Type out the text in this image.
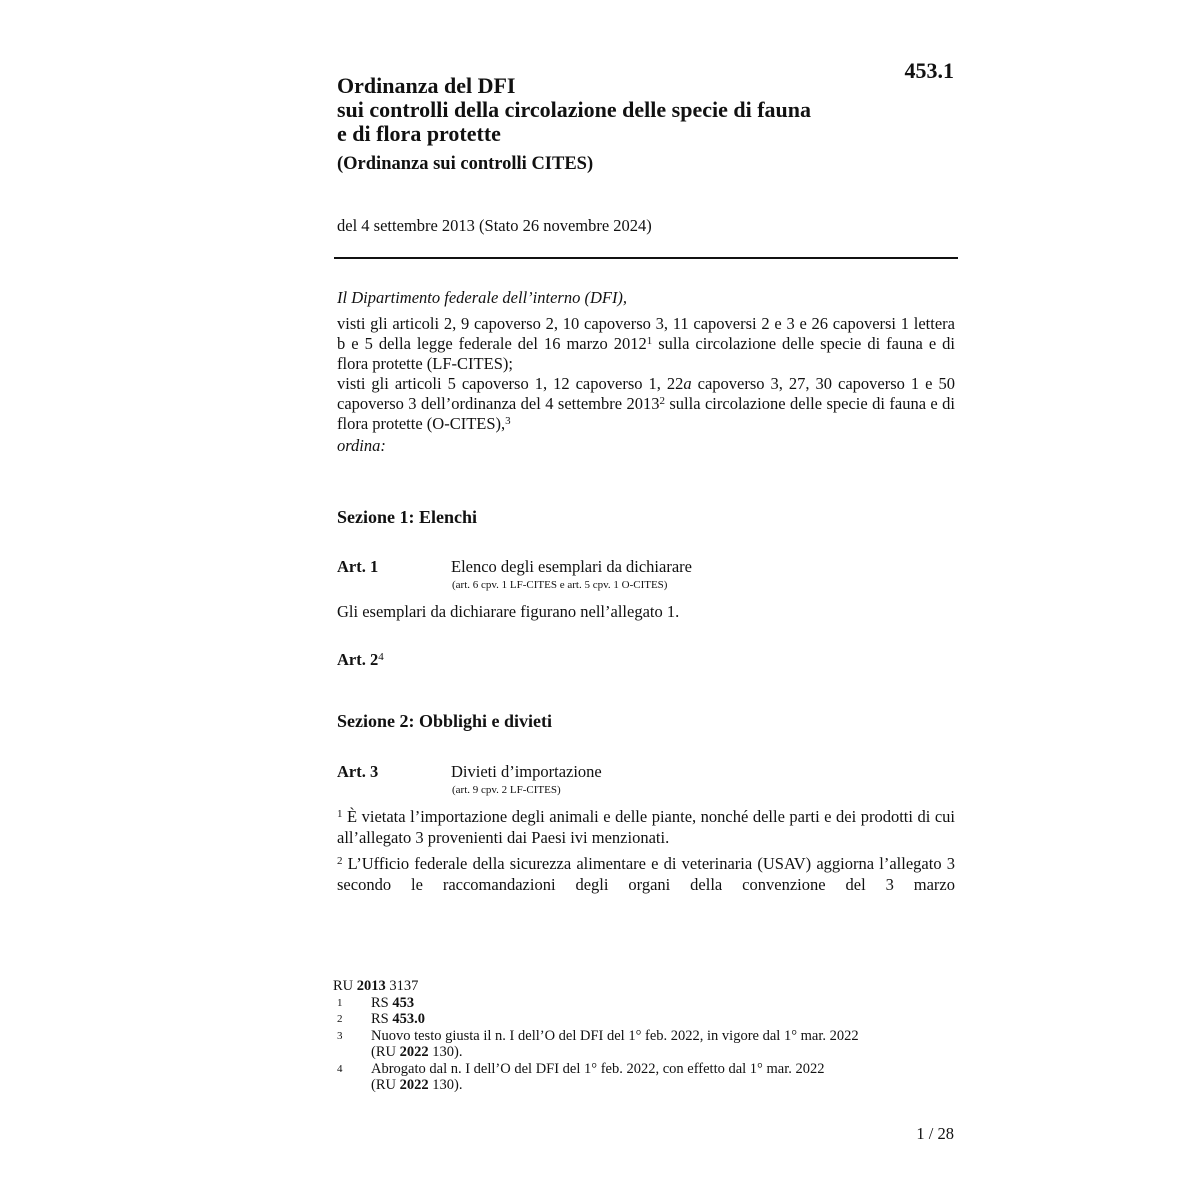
453.1
Ordinanza del DFI
sui controlli della circolazione delle specie di fauna
e di flora protette
(Ordinanza sui controlli CITES)
del 4 settembre 2013 (Stato 26 novembre 2024)

Il Dipartimento federale dell’interno (DFI),

visti gli articoli 2, 9 capoverso 2, 10 capoverso 3, 11 capoversi 2 e 3 e 26 capoversi 1 lettera b e 5 della legge federale del 16 marzo 2012$^1$ sulla circolazione delle specie di fauna e di flora protette (LF-CITES);

visti gli articoli 5 capoverso 1, 12 capoverso 1, 22a capoverso 3, 27, 30 capoverso 1 e 50 capoverso 3 dell’ordinanza del 4 settembre 2013$^2$ sulla circolazione delle specie di fauna e di flora protette (O-CITES),$^3$

ordina:

Sezione 1: Elenchi
Art. 1	Elenco degli esemplari da dichiarare
(art. 6 cpv. 1 LF-CITES e art. 5 cpv. 1 O-CITES)
Gli esemplari da dichiarare figurano nell’allegato 1.
Art. $2^4$
Sezione 2: Obblighi e divieti
Art. 3	Divieti d’importazione
(art. 9 cpv. 2 LF-CITES)
$^1$ È vietata l’importazione degli animali e delle piante, nonché delle parti e dei prodotti di cui all’allegato 3 provenienti dai Paesi ivi menzionati.
$^2$ L’Ufficio federale della sicurezza alimentare e di veterinaria (USAV) aggiorna l’allegato 3 secondo le raccomandazioni degli organi della convenzione del 3 marzo
RU 2013 3137
1	RS 453
2	RS 453.0
3	Nuovo testo giusta il n. I dell’O del DFI del 1° feb. 2022, in vigore dal 1° mar. 2022
(RU 2022 130).
4	Abrogato dal n. I dell’O del DFI del 1° feb. 2022, con effetto dal 1° mar. 2022
(RU 2022 130).
1 / 28
